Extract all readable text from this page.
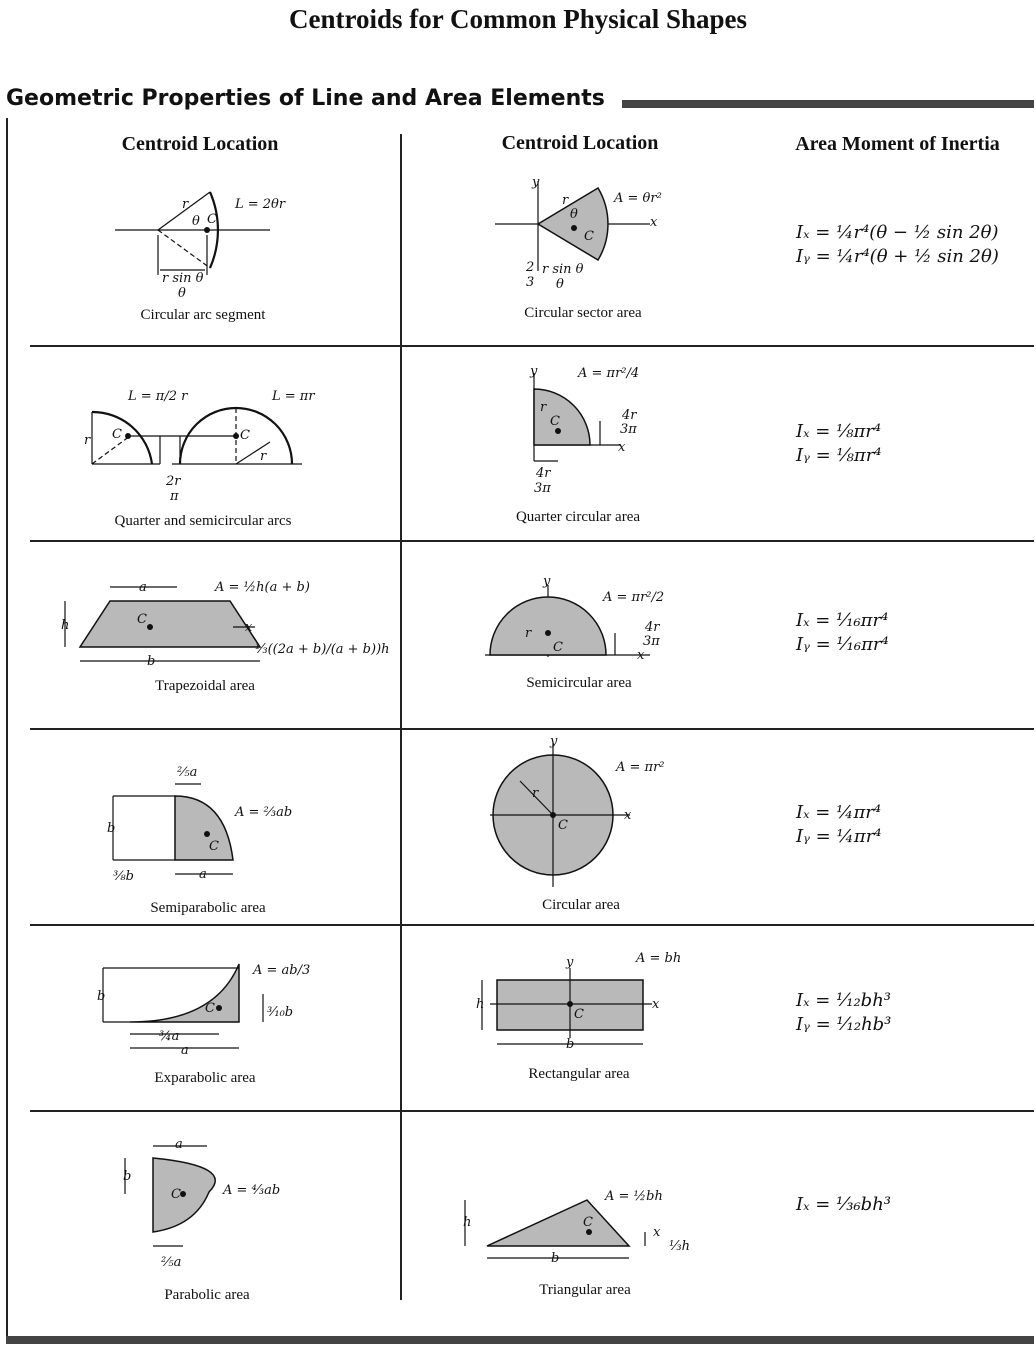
Centroids for Common Physical Shapes
Geometric Properties of Line and Area Elements
Centroid Location	Centroid Location	Area Moment of Inertia
r
θ C
L = 2θr
r sin θ
θ
Circular arc segment
y
x
r
θ
C
A = θr²
2
3
r sin θ
θ
Circular sector area
Iₓ = ¼r⁴(θ − ½ sin 2θ)
Iᵧ = ¼r⁴(θ + ½ sin 2θ)
r C	C
r
L = π/2 r	L = πr
2r
π
Quarter and semicircular arcs
y
x
r
C
A = πr²/4
4r
3π
4r
3π
Quarter circular area
Iₓ = ⅛πr⁴
Iᵧ = ⅛πr⁴
a
h
b
C
x
A = ½h(a + b)
⅓((2a + b)/(a + b))h
Trapezoidal area
y
x
r
C
A = πr²/2
4r
3π
Semicircular area
Iₓ = ¹⁄₁₆πr⁴
Iᵧ = ¹⁄₁₆πr⁴
⅖a
b
⅜b	a
C
A = ⅔ab
Semiparabolic area
y
x
r
C
A = πr²
Circular area
Iₓ = ¼πr⁴
Iᵧ = ¼πr⁴
b
C
A = ab/3
³⁄₁₀b
¾a
a
Exparabolic area
y
x
h
b
C
A = bh
Rectangular area
Iₓ = ¹⁄₁₂bh³
Iᵧ = ¹⁄₁₂hb³
a
b
C	A = ⁴⁄₃ab
⅖a
Parabolic area
h
b
C
x
A = ½bh
⅓h
Triangular area
Iₓ = ¹⁄₃₆bh³
